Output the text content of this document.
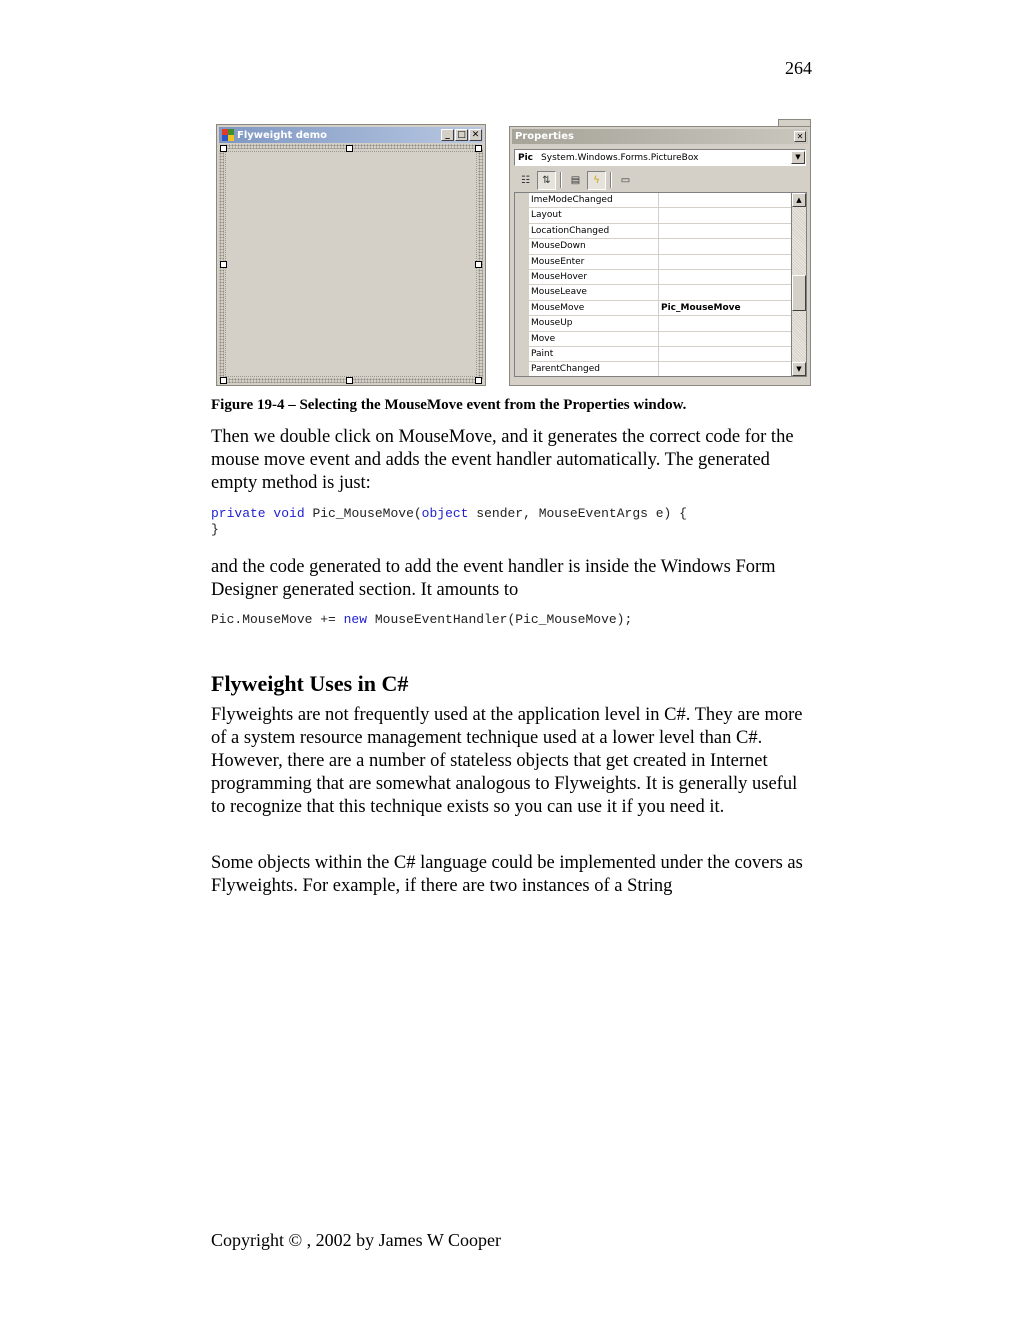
264
Flyweight demo	_ □ ✕	Properties	✕
Pic System.Windows.Forms.PictureBox	▼
☷	⇅	▤	ϟ	▭
ImeModeChanged
Layout
LocationChanged
MouseDown
MouseEnter
MouseHover
MouseLeave
MouseMove	Pic_MouseMove
MouseUp
Move
Paint
ParentChanged
▲
▼
Figure 19-4 – Selecting the MouseMove event from the Properties window.

Then we double click on MouseMove, and it generates the correct code for the mouse move event and adds the event handler automatically. The generated empty method is just:

private void Pic_MouseMove(object sender, MouseEventArgs e) {
}

and the code generated to add the event handler is inside the Windows Form Designer generated section. It amounts to

Pic.MouseMove += new MouseEventHandler(Pic_MouseMove);
Flyweight Uses in C#

Flyweights are not frequently used at the application level in C#. They are more of a system resource management technique used at a lower level than C#. However, there are a number of stateless objects that get created in Internet programming that are somewhat analogous to Flyweights. It is generally useful to recognize that this technique exists so you can use it if you need it.

Some objects within the C# language could be implemented under the covers as Flyweights. For example, if there are two instances of a String

Copyright © , 2002 by James W Cooper
